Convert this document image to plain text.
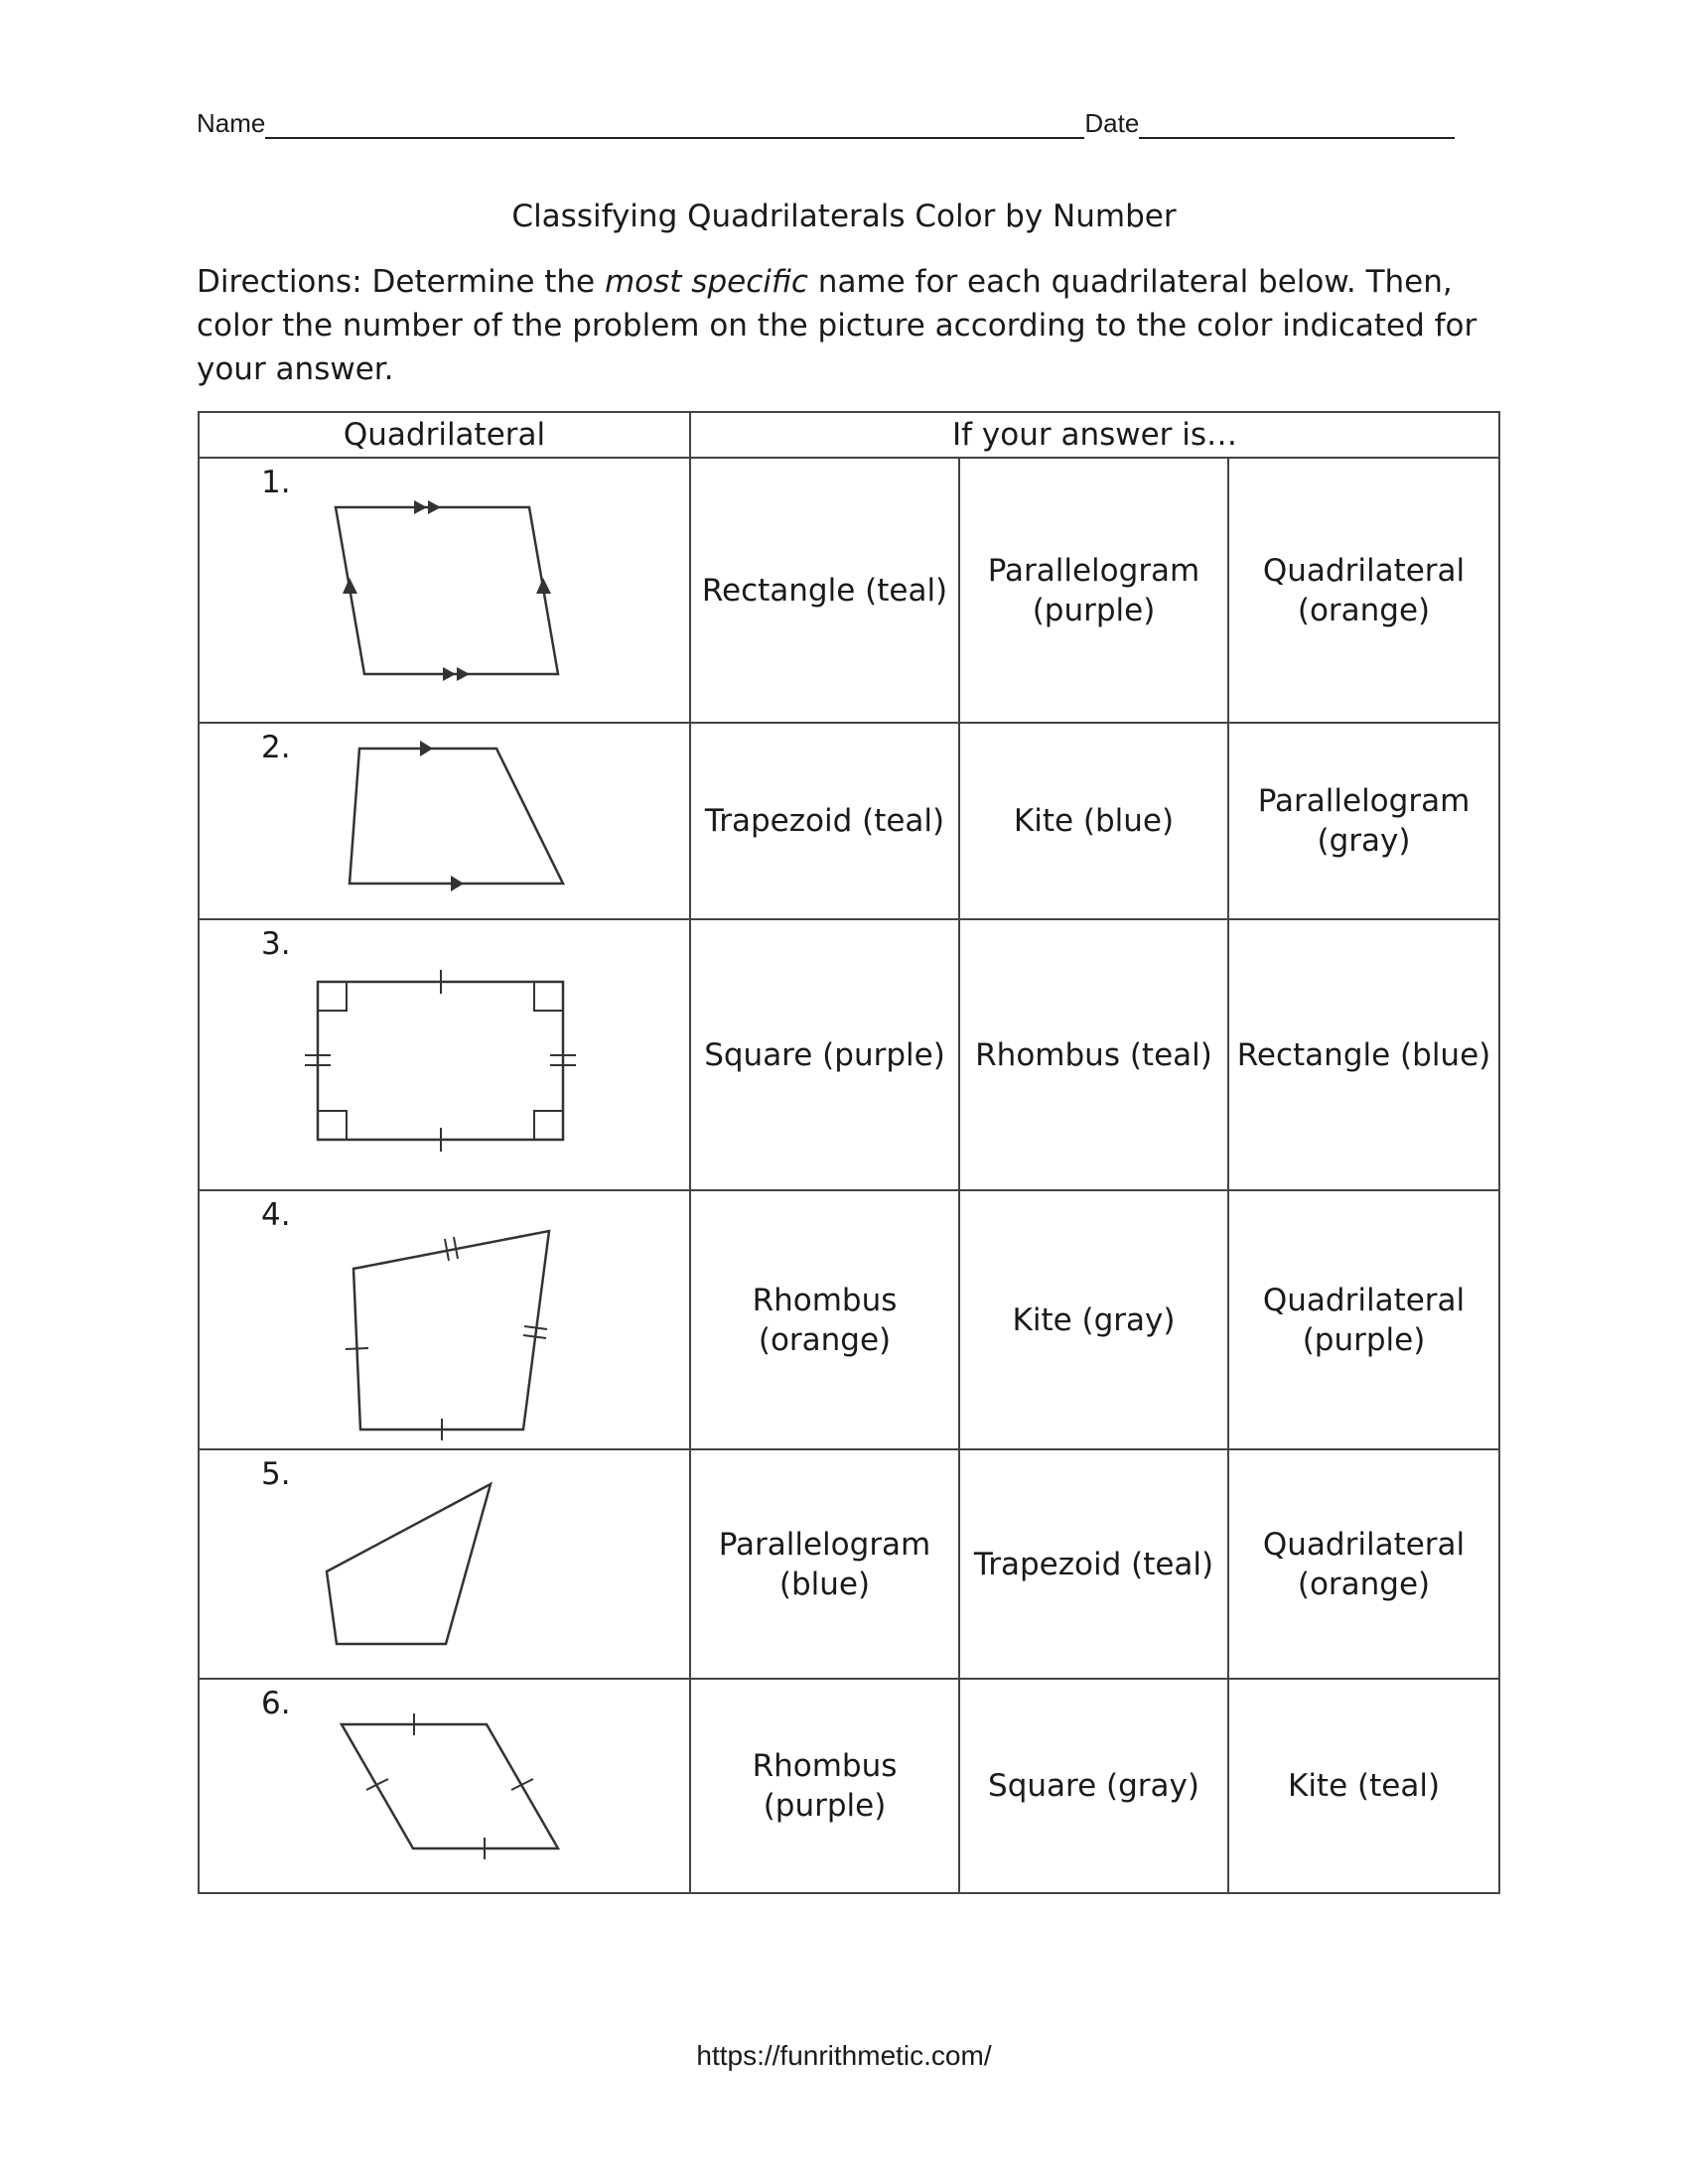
Name	Date
Classifying Quadrilaterals Color by Number
Directions: Determine the most specific name for each quadrilateral below. Then, color the number of the problem on the picture according to the color indicated for your answer.
Quadrilateral	If your answer is…		

1.	Rectangle (teal)	Parallelogram (purple)	Quadrilateral (orange)

2.	Trapezoid (teal)	Kite (blue)	Parallelogram (gray)

3.	Square (purple)	Rhombus (teal)	Rectangle (blue)

4.	Rhombus (orange)	Kite (gray)	Quadrilateral (purple)

5.	Parallelogram (blue)	Trapezoid (teal)	Quadrilateral (orange)

6.	Rhombus (purple)	Square (gray)	Kite (teal)
https://funrithmetic.com/
